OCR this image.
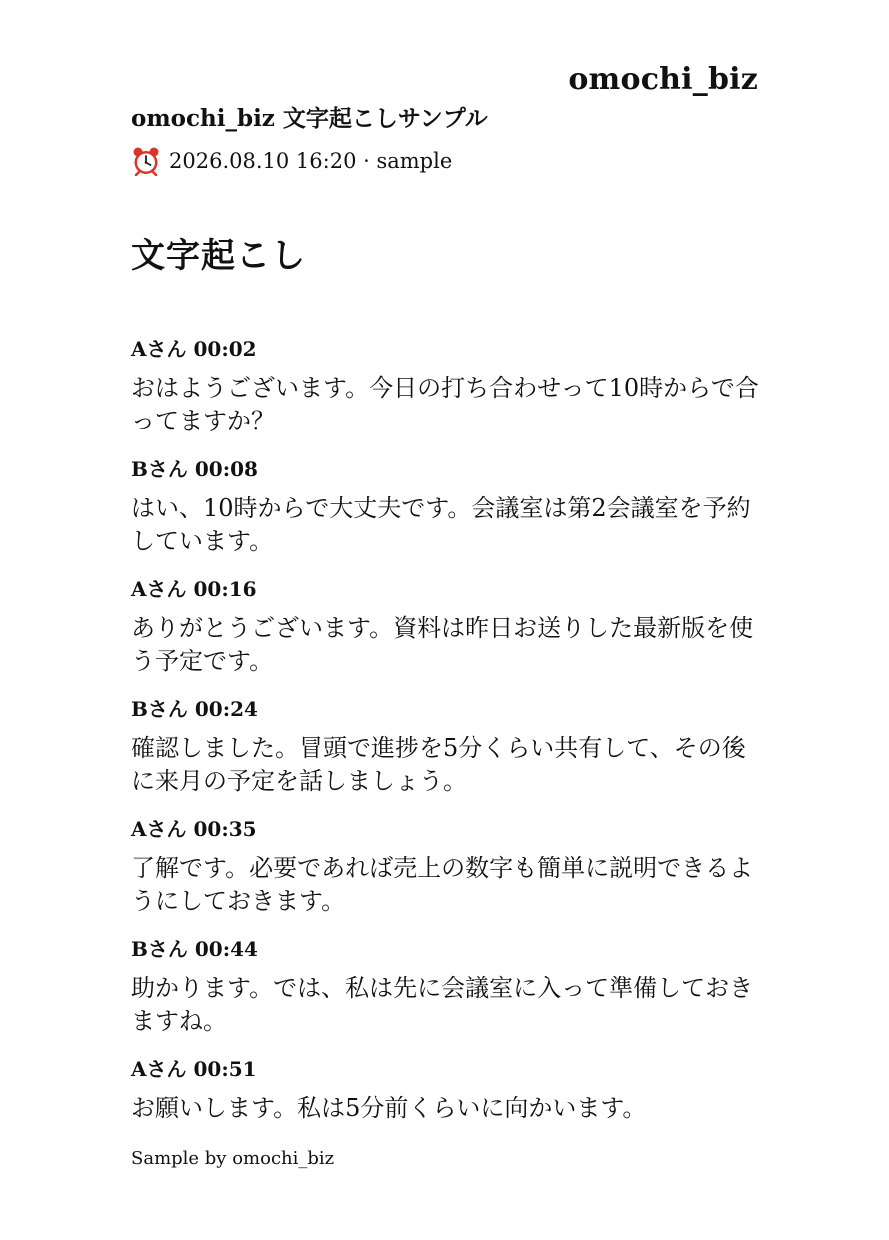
omochi_biz
omochi_biz 文字起こしサンプル
2026.08.10 16:20 · sample
文字起こし
Aさん 00:02
おはようございます。今日の打ち合わせって10時からで合ってますか？
Bさん 00:08
はい、10時からで大丈夫です。会議室は第2会議室を予約しています。
Aさん 00:16
ありがとうございます。資料は昨日お送りした最新版を使う予定です。
Bさん 00:24
確認しました。冒頭で進捗を5分くらい共有して、その後に来月の予定を話しましょう。
Aさん 00:35
了解です。必要であれば売上の数字も簡単に説明できるようにしておきます。
Bさん 00:44
助かります。では、私は先に会議室に入って準備しておきますね。
Aさん 00:51
お願いします。私は5分前くらいに向かいます。
Sample by omochi_biz
